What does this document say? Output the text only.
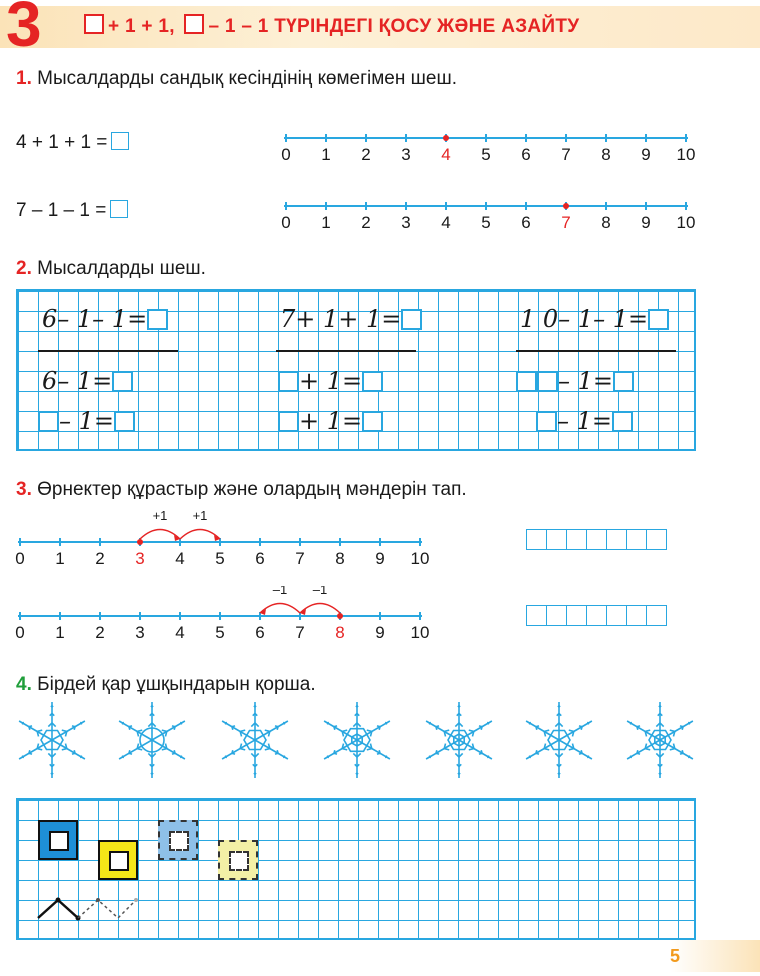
3	+ 1 + 1, – 1 – 1 ТҮРІНДЕГІ ҚОСУ ЖӘНЕ АЗАЙТУ
1. Мысалдарды сандық кесіндінің көмегімен шеш.
4 + 1 + 1 =
7 – 1 – 1 =
0 1 2 3 4 5 6 7 8 9 10
0 1 2 3 4 5 6 7 8 9 10
2. Мысалдарды шеш.
6– 1– 1=
6– 1=
– 1=
7+ 1+ 1=
+ 1=
+ 1=
1 0– 1– 1=
– 1=
– 1=
3. Өрнектер құрастыр және олардың мәндерін тап.
0 1 2 3 4 5 6 7 8 9 10
+1 +1
0 1 2 3 4 5 6 7 8 9 10
–1
–1
4. Бірдей қар ұшқындарын қорша.
5
